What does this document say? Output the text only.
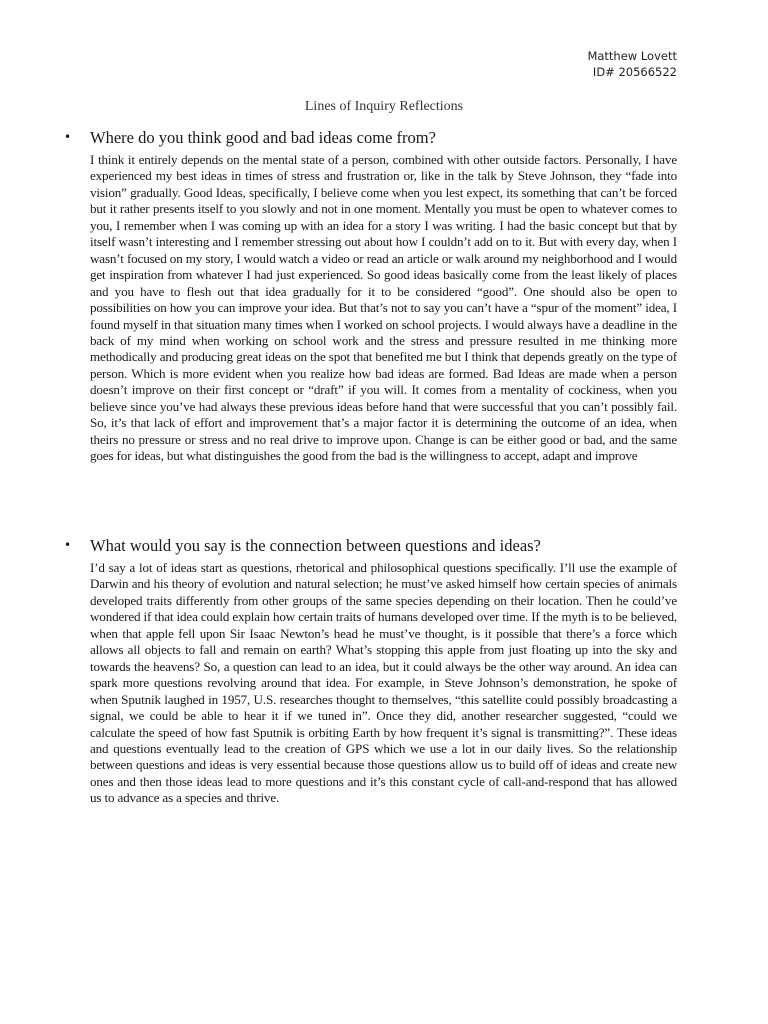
Matthew Lovett
ID# 20566522
Lines of Inquiry Reflections
• Where do you think good and bad ideas come from?
I think it entirely depends on the mental state of a person, combined with other outside factors. Personally, I have experienced my best ideas in times of stress and frustration or, like in the talk by Steve Johnson, they “fade into vision” gradually. Good Ideas, specifically, I believe come when you lest expect, its something that can’t be forced but it rather presents itself to you slowly and not in one moment. Mentally you must be open to whatever comes to you, I remember when I was coming up with an idea for a story I was writing. I had the basic concept but that by itself wasn’t interesting and I remember stressing out about how I couldn’t add on to it. But with every day, when I wasn’t focused on my story, I would watch a video or read an article or walk around my neighborhood and I would get inspiration from whatever I had just experienced. So good ideas basically come from the least likely of places and you have to flesh out that idea gradually for it to be considered “good”. One should also be open to possibilities on how you can improve your idea. But that’s not to say you can’t have a “spur of the moment” idea, I found myself in that situation many times when I worked on school projects. I would always have a deadline in the back of my mind when working on school work and the stress and pressure resulted in me thinking more methodically and producing great ideas on the spot that benefited me but I think that depends greatly on the type of person. Which is more evident when you realize how bad ideas are formed. Bad Ideas are made when a person doesn’t improve on their first concept or “draft” if you will. It comes from a mentality of cockiness, when you believe since you’ve had always these previous ideas before hand that were successful that you can’t possibly fail. So, it’s that lack of effort and improvement that’s a major factor it is determining the outcome of an idea, when theirs no pressure or stress and no real drive to improve upon. Change is can be either good or bad, and the same goes for ideas, but what distinguishes the good from the bad is the willingness to accept, adapt and improve
• What would you say is the connection between questions and ideas?
I’d say a lot of ideas start as questions, rhetorical and philosophical questions specifically. I’ll use the example of Darwin and his theory of evolution and natural selection; he must’ve asked himself how certain species of animals developed traits differently from other groups of the same species depending on their location. Then he could’ve wondered if that idea could explain how certain traits of humans developed over time. If the myth is to be believed, when that apple fell upon Sir Isaac Newton’s head he must’ve thought, is it possible that there’s a force which allows all objects to fall and remain on earth? What’s stopping this apple from just floating up into the sky and towards the heavens? So, a question can lead to an idea, but it could always be the other way around. An idea can spark more questions revolving around that idea. For example, in Steve Johnson’s demonstration, he spoke of when Sputnik laughed in 1957, U.S. researches thought to themselves, “this satellite could possibly broadcasting a signal, we could be able to hear it if we tuned in”. Once they did, another researcher suggested, “could we calculate the speed of how fast Sputnik is orbiting Earth by how frequent it’s signal is transmitting?”. These ideas and questions eventually lead to the creation of GPS which we use a lot in our daily lives. So the relationship between questions and ideas is very essential because those questions allow us to build off of ideas and create new ones and then those ideas lead to more questions and it’s this constant cycle of call-and-respond that has allowed us to advance as a species and thrive.
